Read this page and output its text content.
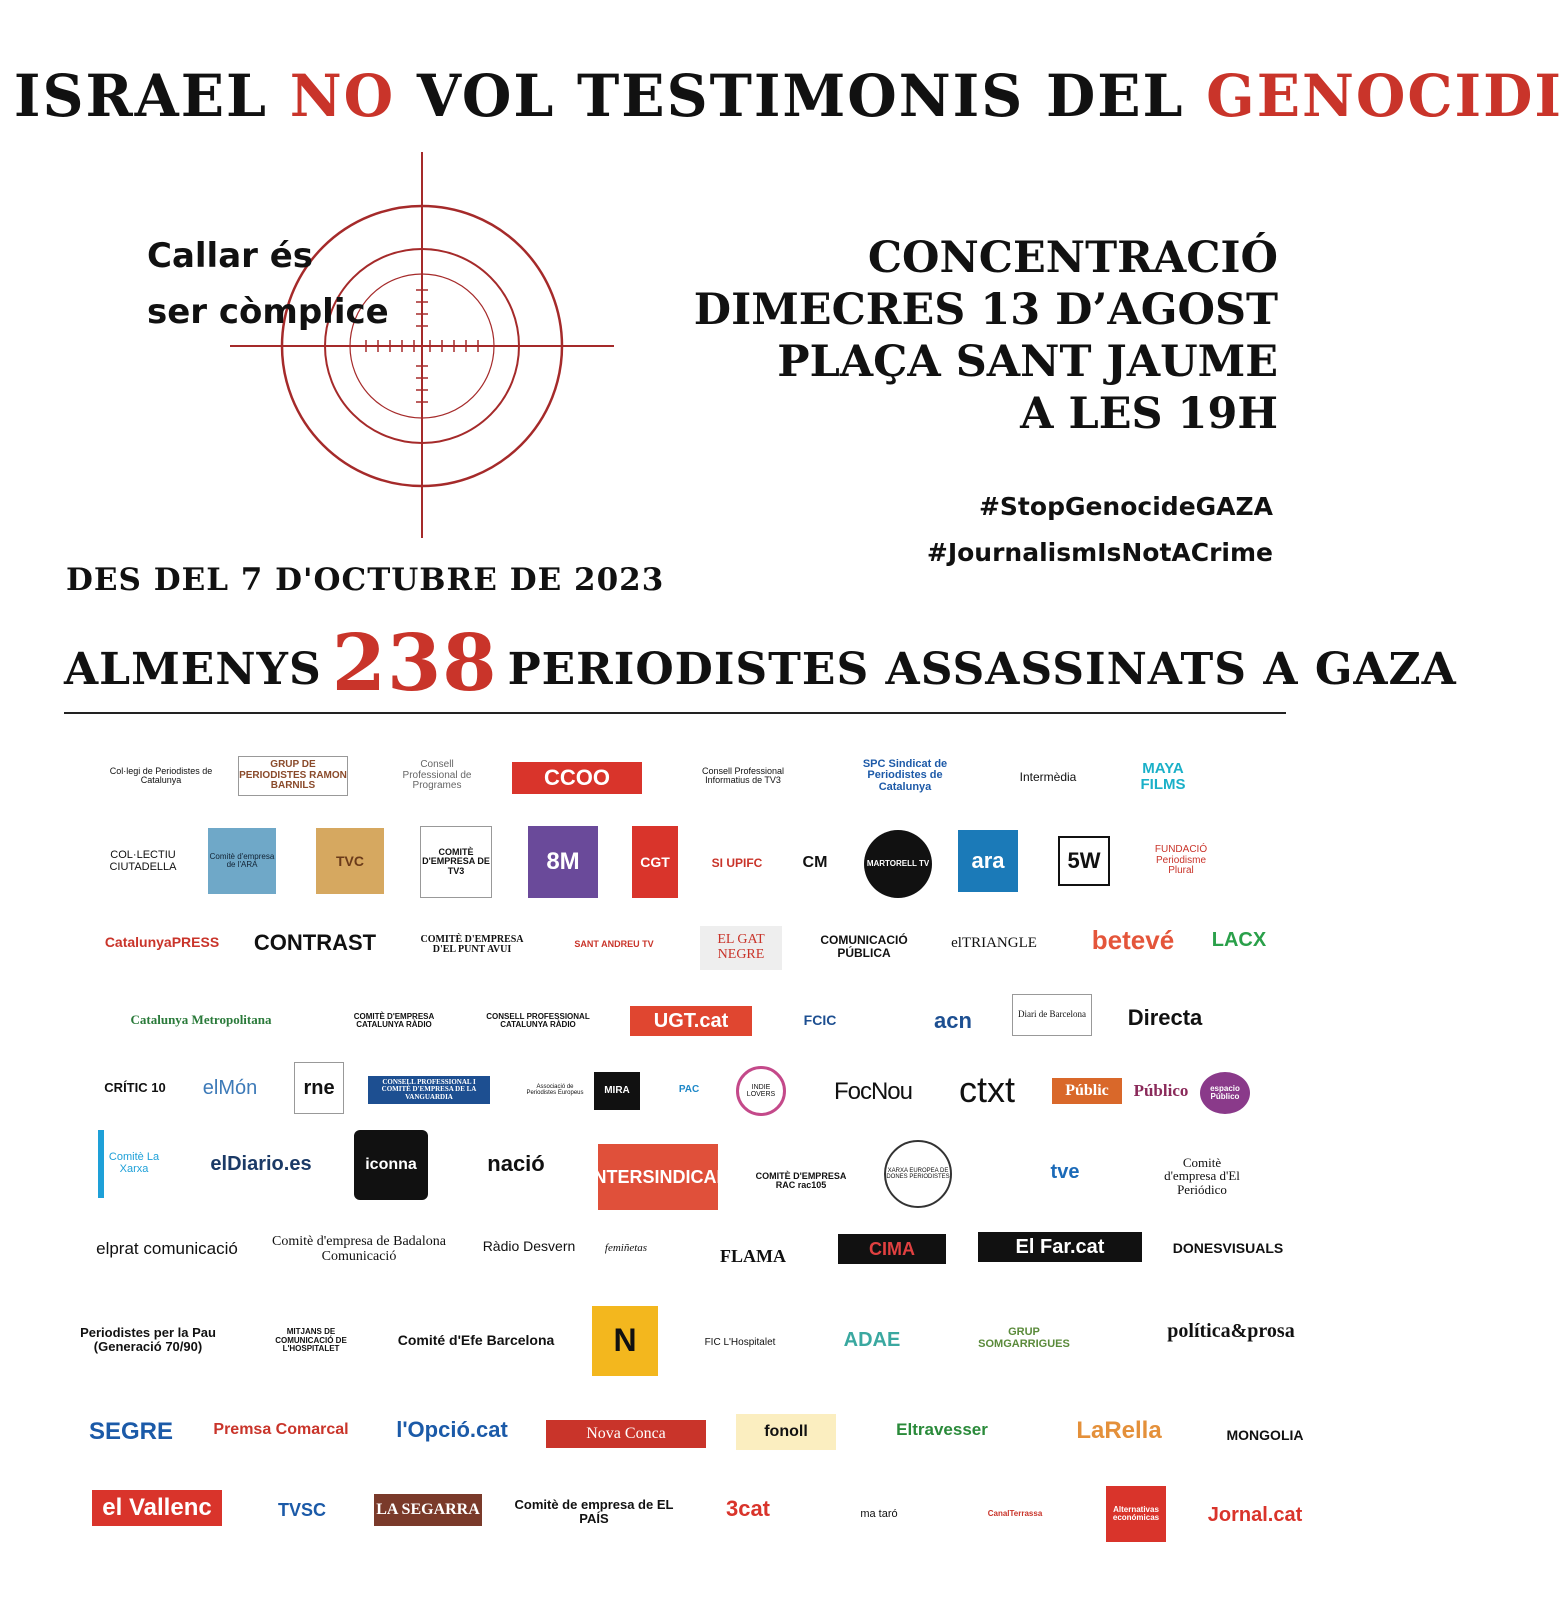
ISRAEL NO VOL TESTIMONIS DEL GENOCIDI
Callar és
ser còmplice
CONCENTRACIÓ
DIMECRES 13 D’AGOST
PLAÇA SANT JAUME
A LES 19H
#StopGenocideGAZA
#JournalismIsNotACrime
DES DEL 7 D'OCTUBRE DE 2023
ALMENYS 238 PERIODISTES ASSASSINATS A GAZA
Col·legi de Periodistes de Catalunya
GRUP DE PERIODISTES RAMON BARNILS
Consell Professional de Programes	CCOO	Consell Professional Informatius de TV3
SPC Sindicat de Periodistes de Catalunya
Intermèdia	MAYA FILMS
COL·LECTIU CIUTADELLA
Comitè d'empresa de l'ARA	TVC
COMITÈ D'EMPRESA DE TV3	8M	CGT	SI UPIFC	CM	MARTORELL TV	ara	5W	FUNDACIÓ Periodisme Plural
CatalunyaPRESS CONTRAST	COMITÈ D'EMPRESA D'EL PUNT AVUI	SANT ANDREU TV	EL GAT NEGRE
COMUNICACIÓ PÚBLICA
elTRIANGLE betevé	LACX
Catalunya Metropolitana	COMITÈ D'EMPRESA CATALUNYA RÀDIO
CONSELL PROFESSIONAL CATALUNYA RÀDIO	UGT.cat	FCIC	acn	Diari de Barcelona	Directa
CRÍTIC 10	elMón	rne	CONSELL PROFESSIONAL I COMITÈ D'EMPRESA DE LA VANGUARDIA
Associació de Periodistes Europeus	MIRA	PAC	INDIE LOVERS	FocNou	ctxt	Públic	Público	espacio Público
Comitè La Xarxa	elDiario.es	iconna	nació
INTERSINDICAL	COMITÈ D'EMPRESA RAC rac105
XARXA EUROPEA DE DONES PERIODISTES	tve	Comitè d'empresa d'El Periódico
elprat comunicació Comitè d'empresa de Badalona Comunicació
Ràdio Desvern	femiñetas	FLAMA	CIMA	El Far.cat	DONESVISUALS
Periodistes per la Pau (Generació 70/90)
MITJANS DE COMUNICACIÓ DE L'HOSPITALET
Comité d'Efe Barcelona	N	FIC L'Hospitalet	ADAE	GRUP SOMGARRIGUES
política&prosa
SEGRE	Premsa Comarcal	l'Opció.cat	Nova Conca	fonoll	Eltravesser	LaRella	MONGOLIA
el Vallenc	TVSC	LA SEGARRA	Comitè de empresa de EL PAÍS	3cat	ma taró	CanalTerrassa	Alternativas económicas	Jornal.cat
